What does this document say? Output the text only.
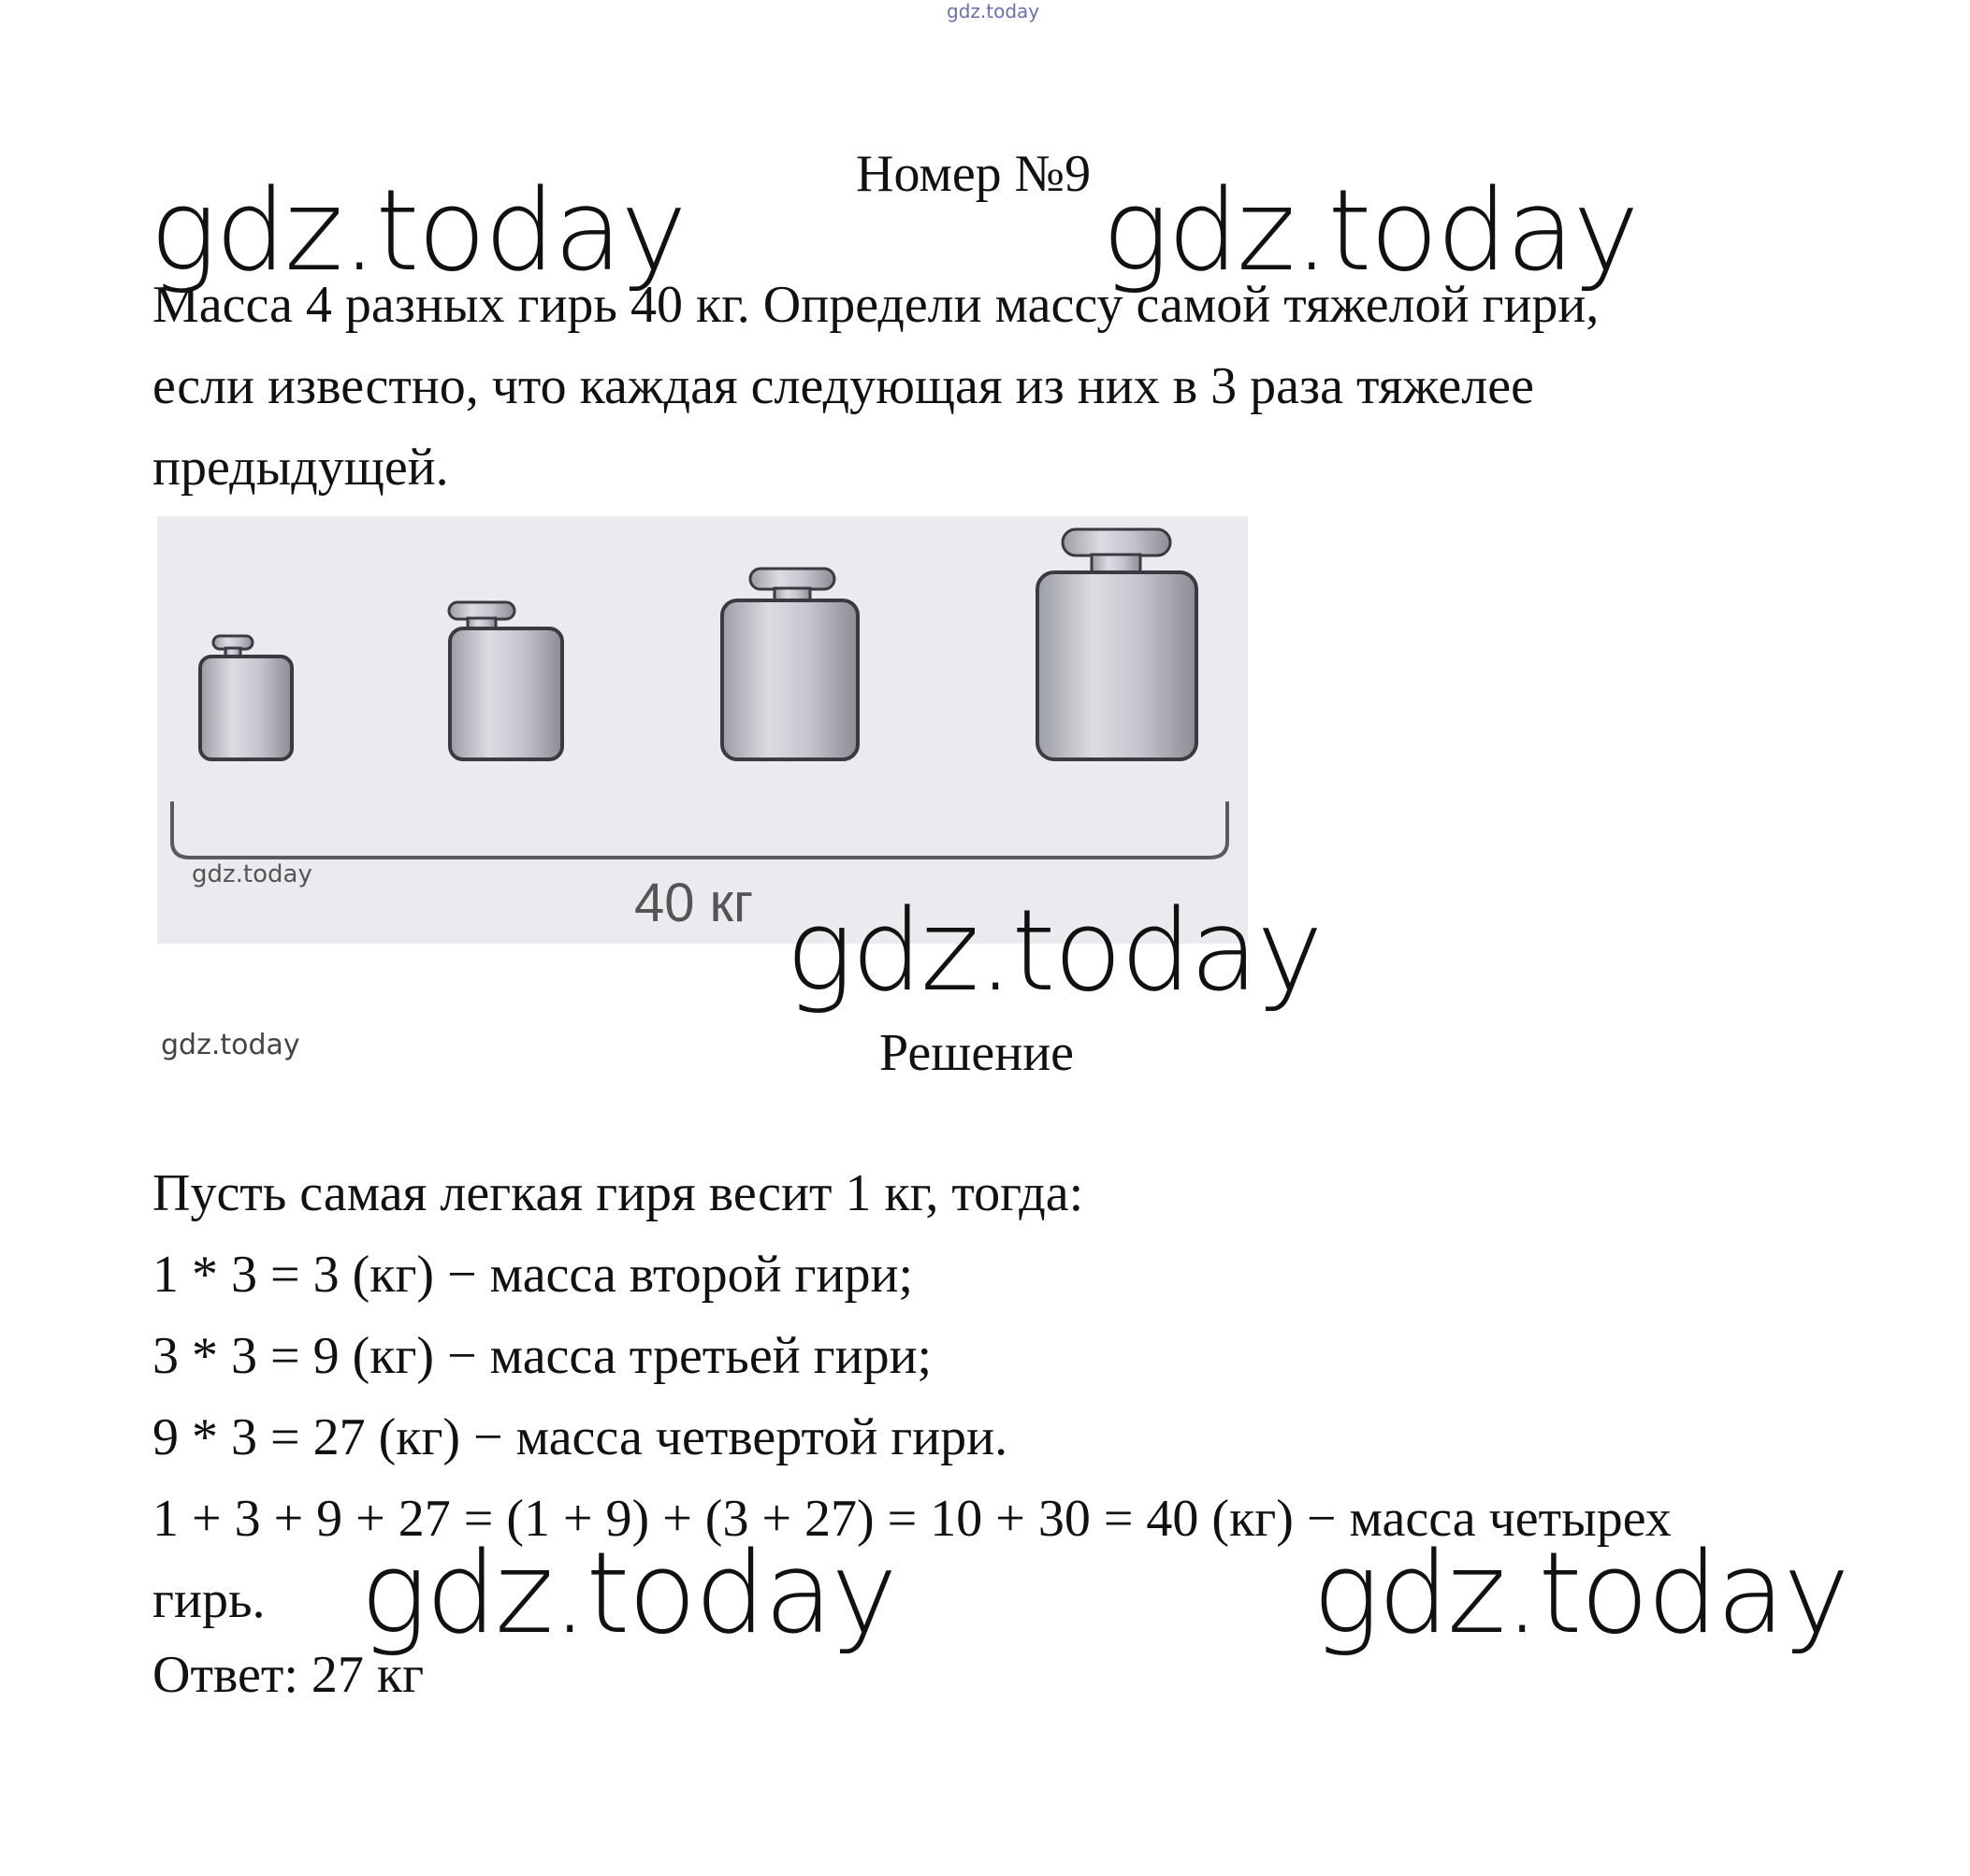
gdz.today
Номер №9
gdz.today	gdz.today
Масса 4 разных гирь 40 кг. Определи массу самой тяжелой гири,
если известно, что каждая следующая из них в 3 раза тяжелее
предыдущей.
gdz.today	40 кг gdz.today
gdz.today	Решение
Пусть самая легкая гиря весит 1 кг, тогда:
1 * 3 = 3 (кг) − масса второй гири;
3 * 3 = 9 (кг) − масса третьей гири;
9 * 3 = 27 (кг) − масса четвертой гири.
1 + 3 + 9 + 27 = (1 + 9) + (3 + 27) = 10 + 30 = 40 (кг) − масса четырех
гирь. gdz.today	gdz.today
Ответ: 27 кг
